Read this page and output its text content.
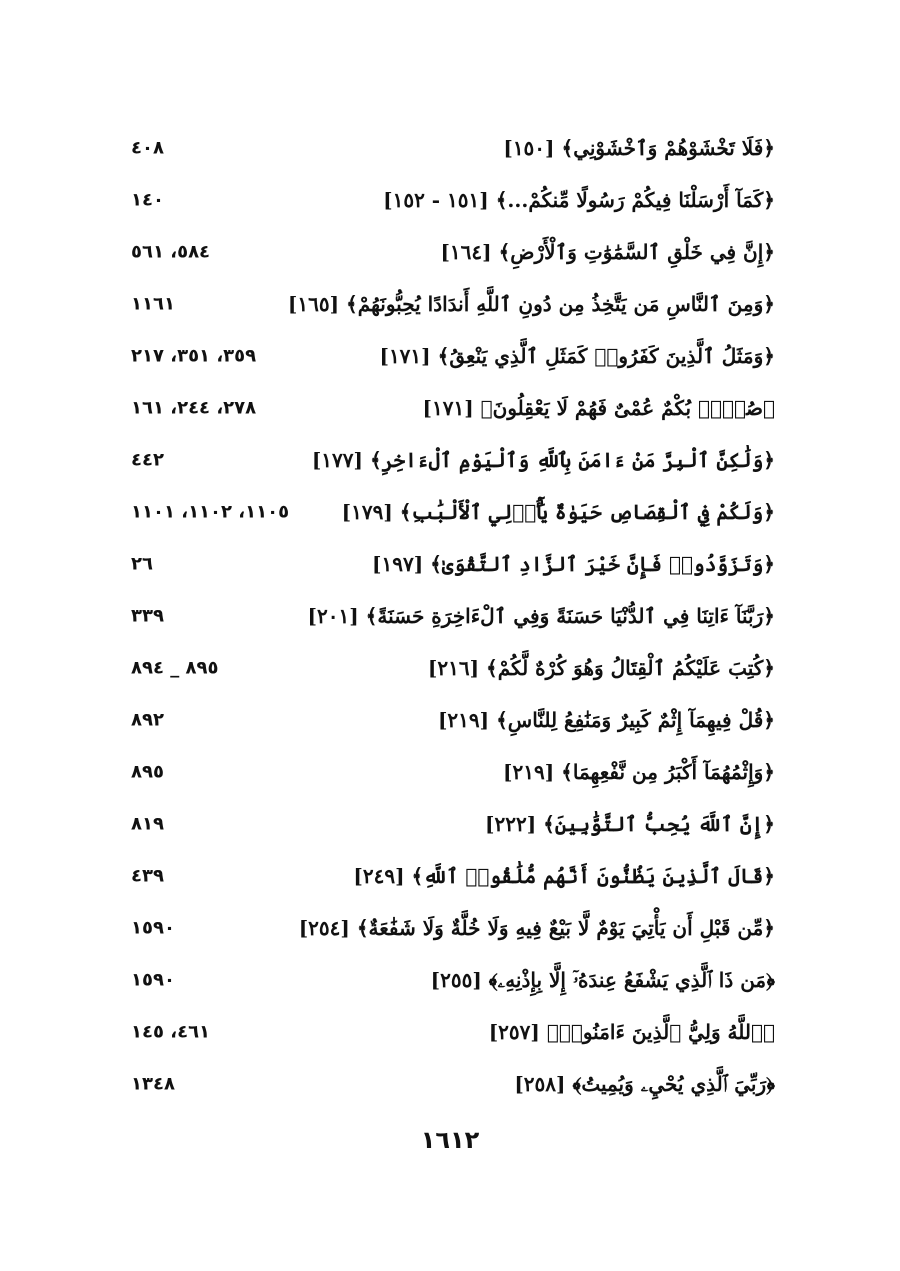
﴿فَلَا تَخْشَوْهُمْ وَٱخْشَوْنِي﴾ [١٥٠]
٤٠٨
﴿كَمَآ أَرْسَلْنَا فِيكُمْ رَسُولًا مِّنكُمْ...﴾ [١٥١ - ١٥٢]
١٤٠
﴿إِنَّ فِي خَلْقِ ٱلسَّمَٰوَٰتِ وَٱلْأَرْضِ﴾ [١٦٤]
٥٨٤، ٥٦١
﴿وَمِنَ ٱلنَّاسِ مَن يَتَّخِذُ مِن دُونِ ٱللَّهِ أَندَادًا يُحِبُّونَهُمْ﴾ [١٦٥]
١١٦١
﴿وَمَثَلُ ٱلَّذِينَ كَفَرُوا۟ كَمَثَلِ ٱلَّذِي يَنْعِقُ﴾ [١٧١]
٣٥٩، ٣٥١، ٢١٧
﴿صُمٌّۢ بُكْمٌ عُمْىٌ فَهُمْ لَا يَعْقِلُونَ﴾ [١٧١]
٢٧٨، ٢٤٤، ١٦١
﴿وَلَٰكِنَّ ٱلْبِرَّ مَنْ ءَامَنَ بِٱللَّهِ وَٱلْيَوْمِ ٱلْءَاخِرِ﴾ [١٧٧]
٤٤٢
﴿وَلَكُمْ فِي ٱلْقِصَاصِ حَيَوٰةٌ يَٰٓأُو۟لِي ٱلْأَلْبَٰبِ﴾ [١٧٩]
١١٠٥، ١١٠٢، ١١٠١
﴿وَتَزَوَّدُوا۟ فَإِنَّ خَيْرَ ٱلزَّادِ ٱلتَّقْوَىٰ﴾ [١٩٧]
٢٦
﴿رَبَّنَآ ءَاتِنَا فِي ٱلدُّنْيَا حَسَنَةً وَفِي ٱلْءَاخِرَةِ حَسَنَةً﴾ [٢٠١]
٣٣٩
﴿كُتِبَ عَلَيْكُمُ ٱلْقِتَالُ وَهُوَ كُرْهٌ لَّكُمْ﴾ [٢١٦]
٨٩٥ _ ٨٩٤
﴿قُلْ فِيهِمَآ إِثْمٌ كَبِيرٌ وَمَنَٰفِعُ لِلنَّاسِ﴾ [٢١٩]
٨٩٢
﴿وَإِثْمُهُمَآ أَكْبَرُ مِن نَّفْعِهِمَا﴾ [٢١٩]
٨٩٥
﴿إِنَّ ٱللَّهَ يُحِبُّ ٱلتَّوَّٰبِينَ﴾ [٢٢٢]
٨١٩
﴿قَالَ ٱلَّذِينَ يَظُنُّونَ أَنَّهُم مُّلَٰقُوا۟ ٱللَّهِ﴾ [٢٤٩]
٤٣٩
﴿مِّن قَبْلِ أَن يَأْتِيَ يَوْمٌ لَّا بَيْعٌ فِيهِ وَلَا خُلَّةٌ وَلَا شَفَٰعَةٌ﴾ [٢٥٤]
١٥٩٠
﴿مَن ذَا ٱلَّذِي يَشْفَعُ عِندَهُۥٓ إِلَّا بِإِذْنِهِۦ﴾ [٢٥٥]
١٥٩٠
﴿ٱللَّهُ وَلِيُّ ٱلَّذِينَ ءَامَنُوا۟﴾ [٢٥٧]
٤٦١، ١٤٥
﴿رَبِّيَ ٱلَّذِي يُحْيِۦ وَيُمِيتُ﴾ [٢٥٨]
١٣٤٨
١٦١٢
